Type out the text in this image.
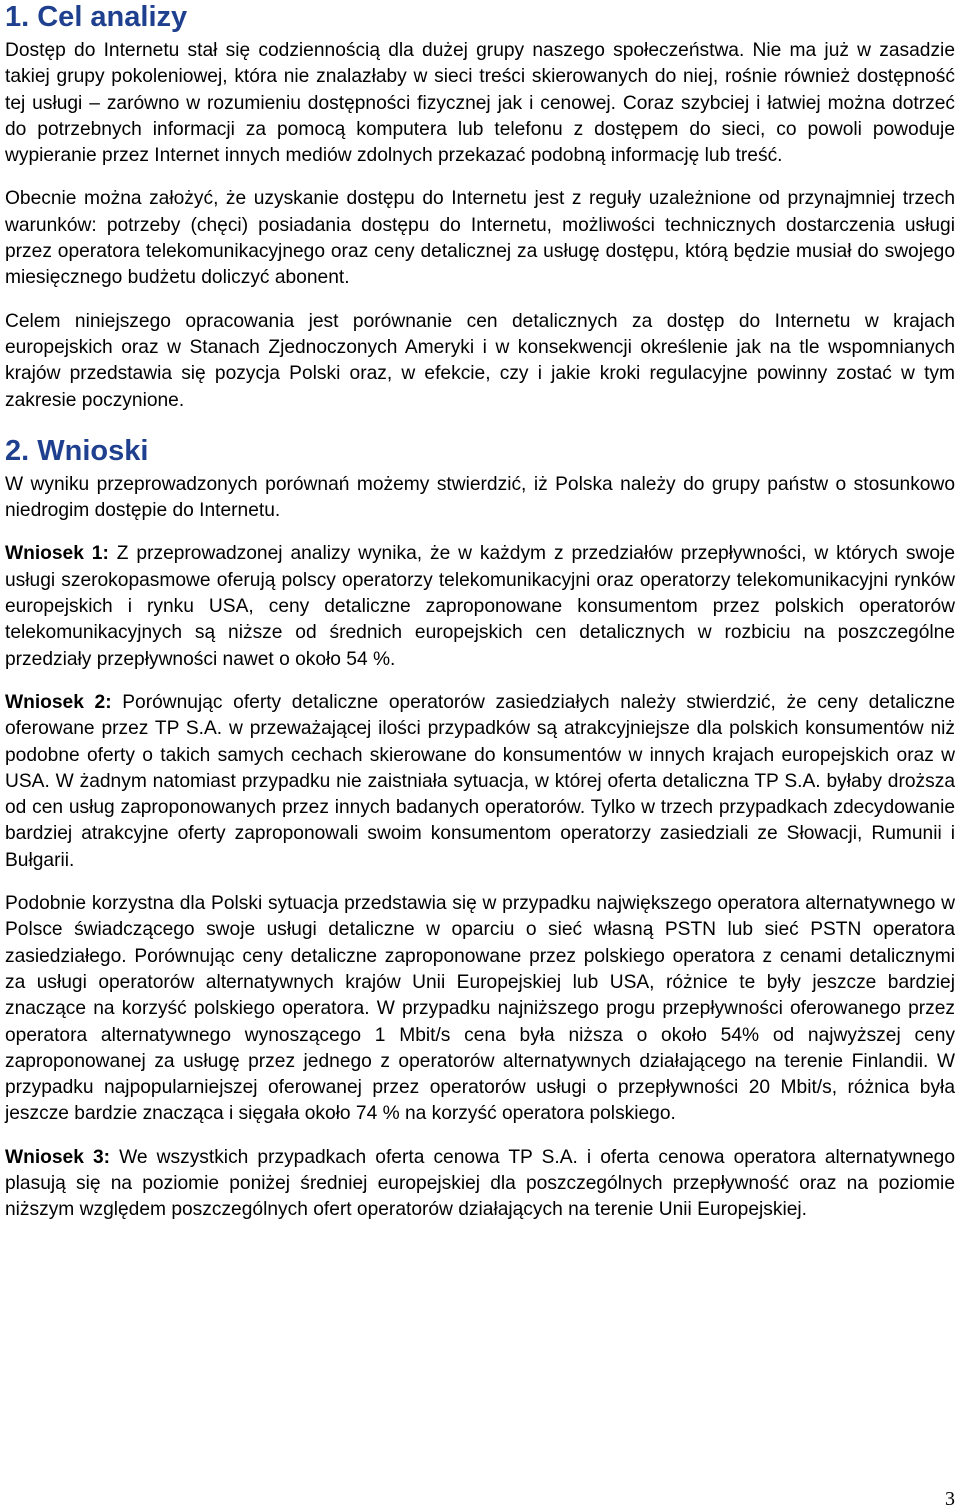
1. Cel analizy

Dostęp do Internetu stał się codziennością dla dużej grupy naszego społeczeństwa. Nie ma już w zasadzie takiej grupy pokoleniowej, która nie znalazłaby w sieci treści skierowanych do niej, rośnie również dostępność tej usługi – zarówno w rozumieniu dostępności fizycznej jak i cenowej. Coraz szybciej i łatwiej można dotrzeć do potrzebnych informacji za pomocą komputera lub telefonu z dostępem do sieci, co powoli powoduje wypieranie przez Internet innych mediów zdolnych przekazać podobną informację lub treść.

Obecnie można założyć, że uzyskanie dostępu do Internetu jest z reguły uzależnione od przynajmniej trzech warunków: potrzeby (chęci) posiadania dostępu do Internetu, możliwości technicznych dostarczenia usługi przez operatora telekomunikacyjnego oraz ceny detalicznej za usługę dostępu, którą będzie musiał do swojego miesięcznego budżetu doliczyć abonent.

Celem niniejszego opracowania jest porównanie cen detalicznych za dostęp do Internetu w krajach europejskich oraz w Stanach Zjednoczonych Ameryki i w konsekwencji określenie jak na tle wspomnianych krajów przedstawia się pozycja Polski oraz, w efekcie, czy i jakie kroki regulacyjne powinny zostać w tym zakresie poczynione.

2. Wnioski

W wyniku przeprowadzonych porównań możemy stwierdzić, iż Polska należy do grupy państw o stosunkowo niedrogim dostępie do Internetu.

Wniosek 1: Z przeprowadzonej analizy wynika, że w każdym z przedziałów przepływności, w których swoje usługi szerokopasmowe oferują polscy operatorzy telekomunikacyjni oraz operatorzy telekomunikacyjni rynków europejskich i rynku USA, ceny detaliczne zaproponowane konsumentom przez polskich operatorów telekomunikacyjnych są niższe od średnich europejskich cen detalicznych w rozbiciu na poszczególne przedziały przepływności nawet o około 54 %.

Wniosek 2: Porównując oferty detaliczne operatorów zasiedziałych należy stwierdzić, że ceny detaliczne oferowane przez TP S.A. w przeważającej ilości przypadków są atrakcyjniejsze dla polskich konsumentów niż podobne oferty o takich samych cechach skierowane do konsumentów w innych krajach europejskich oraz w USA. W żadnym natomiast przypadku nie zaistniała sytuacja, w której oferta detaliczna TP S.A. byłaby droższa od cen usług zaproponowanych przez innych badanych operatorów. Tylko w trzech przypadkach zdecydowanie bardziej atrakcyjne oferty zaproponowali swoim konsumentom operatorzy zasiedziali ze Słowacji, Rumunii i Bułgarii.

Podobnie korzystna dla Polski sytuacja przedstawia się w przypadku największego operatora alternatywnego w Polsce świadczącego swoje usługi detaliczne w oparciu o sieć własną PSTN lub sieć PSTN operatora zasiedziałego. Porównując ceny detaliczne zaproponowane przez polskiego operatora z cenami detalicznymi za usługi operatorów alternatywnych krajów Unii Europejskiej lub USA, różnice te były jeszcze bardziej znaczące na korzyść polskiego operatora. W przypadku najniższego progu przepływności oferowanego przez operatora alternatywnego wynoszącego 1 Mbit/s cena była niższa o około 54% od najwyższej ceny zaproponowanej za usługę przez jednego z operatorów alternatywnych działającego na terenie Finlandii. W przypadku najpopularniejszej oferowanej przez operatorów usługi o przepływności 20 Mbit/s, różnica była jeszcze bardzie znacząca i sięgała około 74 % na korzyść operatora polskiego.

Wniosek 3: We wszystkich przypadkach oferta cenowa TP S.A. i oferta cenowa operatora alternatywnego plasują się na poziomie poniżej średniej europejskiej dla poszczególnych przepływność oraz na poziomie niższym względem poszczególnych ofert operatorów działających na terenie Unii Europejskiej.

3
